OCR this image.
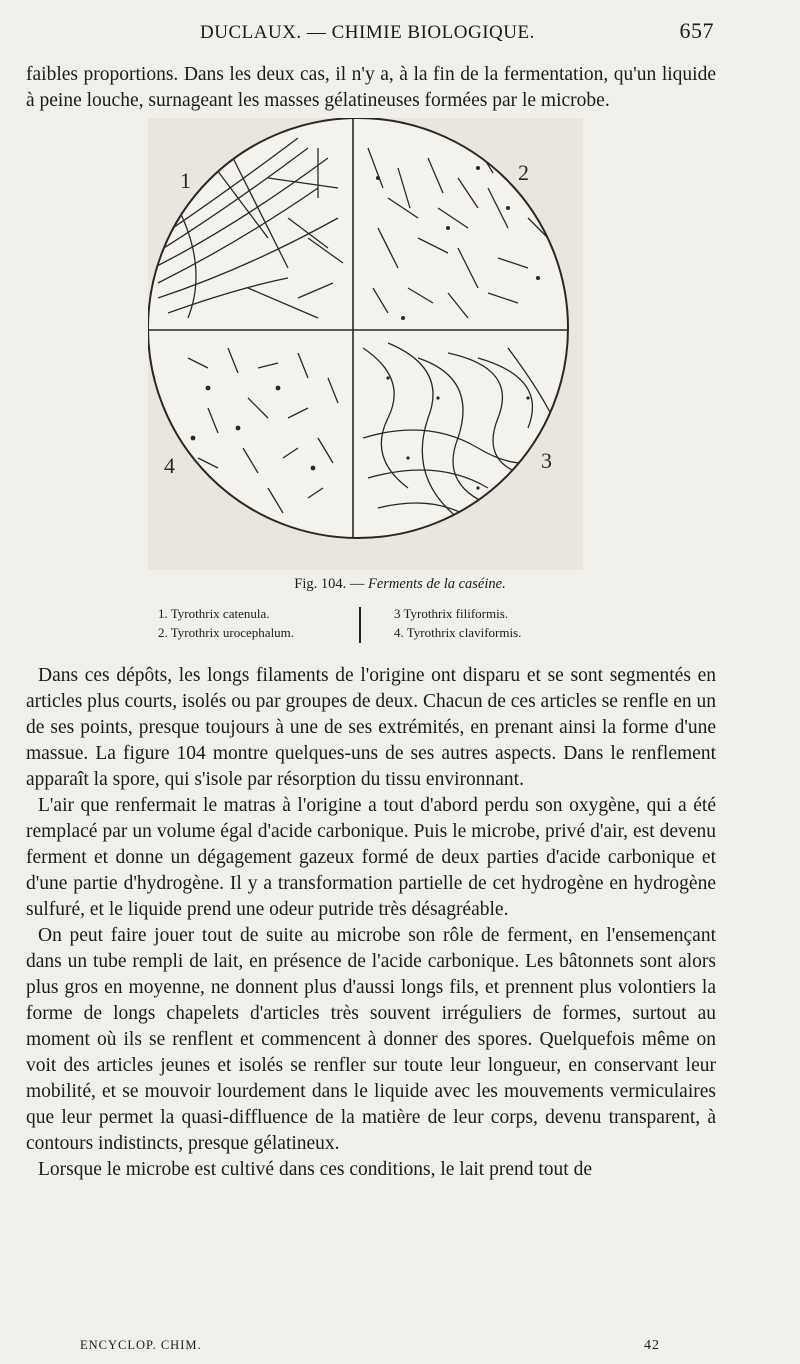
DUCLAUX. — CHIMIE BIOLOGIQUE.	657

faibles proportions. Dans les deux cas, il n'y a, à la fin de la fermentation, qu'un liquide à peine louche, surnageant les masses gélatineuses formées par le microbe.

1	2
3
4
Fig. 104. — Ferments de la caséine.
1. Tyrothrix catenula.
2. Tyrothrix urocephalum.
3 Tyrothrix filiformis.
4. Tyrothrix claviformis.

Dans ces dépôts, les longs filaments de l'origine ont disparu et se sont segmentés en articles plus courts, isolés ou par groupes de deux. Chacun de ces articles se renfle en un de ses points, presque toujours à une de ses extrémités, en prenant ainsi la forme d'une massue. La figure 104 montre quelques-uns de ses autres aspects. Dans le renflement apparaît la spore, qui s'isole par résorption du tissu environnant.

L'air que renfermait le matras à l'origine a tout d'abord perdu son oxygène, qui a été remplacé par un volume égal d'acide carbonique. Puis le microbe, privé d'air, est devenu ferment et donne un dégagement gazeux formé de deux parties d'acide carbonique et d'une partie d'hydrogène. Il y a transformation partielle de cet hydrogène en hydrogène sulfuré, et le liquide prend une odeur putride très désagréable.

On peut faire jouer tout de suite au microbe son rôle de ferment, en l'ensemençant dans un tube rempli de lait, en présence de l'acide carbonique. Les bâtonnets sont alors plus gros en moyenne, ne donnent plus d'aussi longs fils, et prennent plus volontiers la forme de longs chapelets d'articles très souvent irréguliers de formes, surtout au moment où ils se renflent et commencent à donner des spores. Quelquefois même on voit des articles jeunes et isolés se renfler sur toute leur longueur, en conservant leur mobilité, et se mouvoir lourdement dans le liquide avec les mouvements vermiculaires que leur permet la quasi-diffluence de la matière de leur corps, devenu transparent, à contours indistincts, presque gélatineux.

Lorsque le microbe est cultivé dans ces conditions, le lait prend tout de

ENCYCLOP. CHIM.	42
